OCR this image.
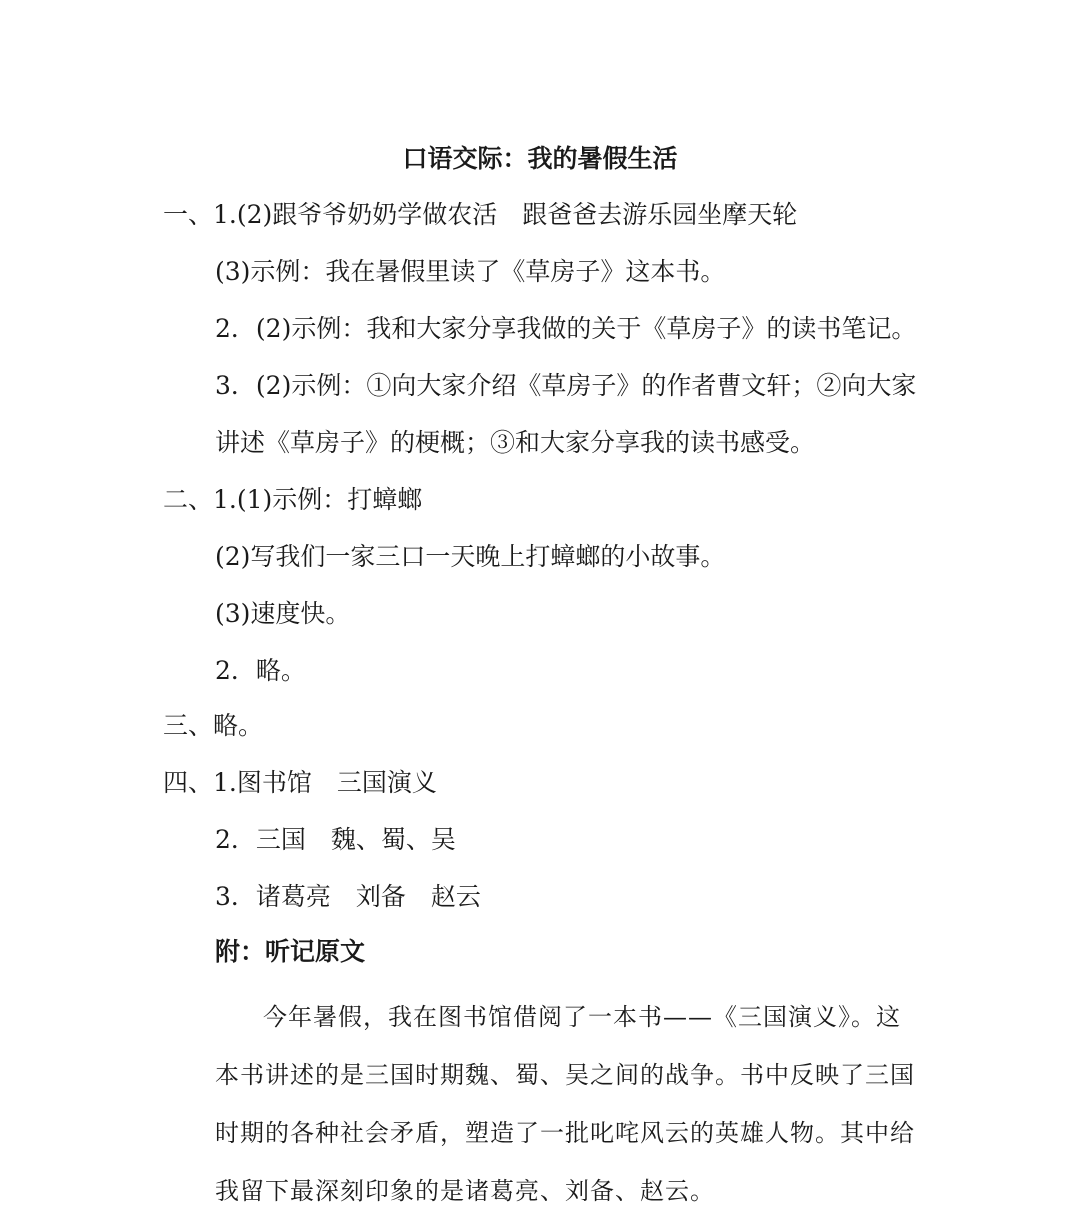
口语交际：我的暑假生活
一、1.(2)跟爷爷奶奶学做农活　跟爸爸去游乐园坐摩天轮
(3)示例：我在暑假里读了《草房子》这本书。
2．(2)示例：我和大家分享我做的关于《草房子》的读书笔记。
3．(2)示例：①向大家介绍《草房子》的作者曹文轩；②向大家
讲述《草房子》的梗概；③和大家分享我的读书感受。
二、1.(1)示例：打蟑螂
(2)写我们一家三口一天晚上打蟑螂的小故事。
(3)速度快。
2．略。
三、略。
四、1.图书馆　三国演义
2．三国　魏、蜀、吴
3．诸葛亮　刘备　赵云
附：听记原文
今年暑假，我在图书馆借阅了一本书——《三国演义》。这本书讲述的是三国时期魏、蜀、吴之间的战争。书中反映了三国时期的各种社会矛盾，塑造了一批叱咤风云的英雄人物。其中给我留下最深刻印象的是诸葛亮、刘备、赵云。
